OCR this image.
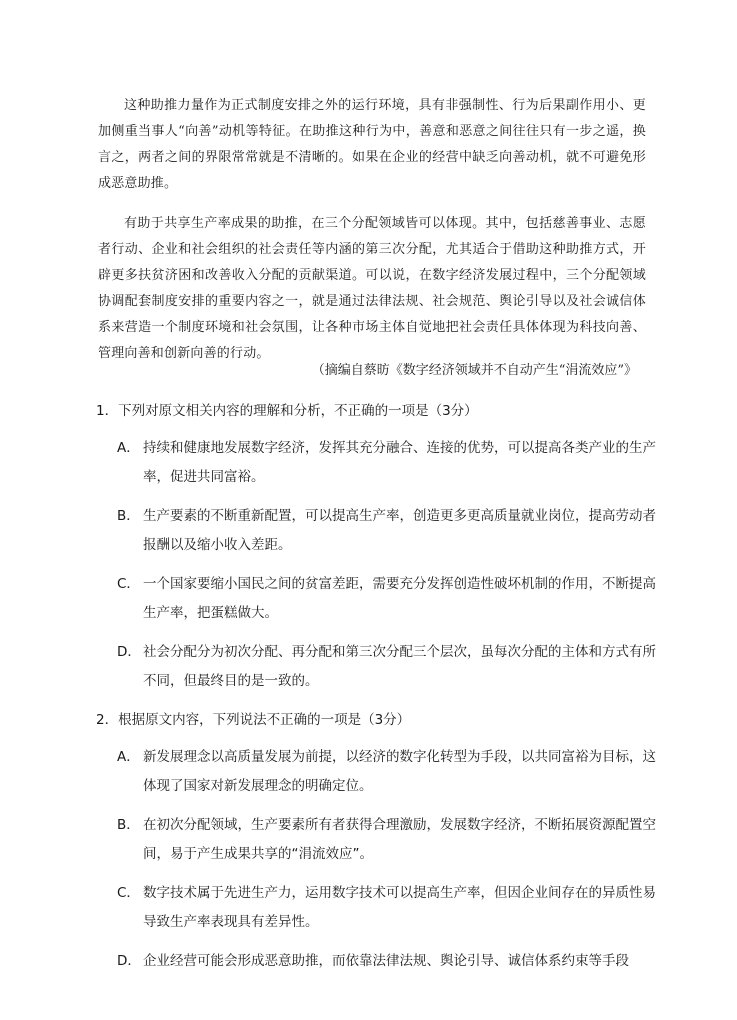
这种助推力量作为正式制度安排之外的运行环境，具有非强制性、行为后果副作用小、更加侧重当事人“向善”动机等特征。在助推这种行为中，善意和恶意之间往往只有一步之遥，换言之，两者之间的界限常常就是不清晰的。如果在企业的经营中缺乏向善动机，就不可避免形成恶意助推。

有助于共享生产率成果的助推，在三个分配领域皆可以体现。其中，包括慈善事业、志愿者行动、企业和社会组织的社会责任等内涵的第三次分配，尤其适合于借助这种助推方式，开辟更多扶贫济困和改善收入分配的贡献渠道。可以说，在数字经济发展过程中，三个分配领域协调配套制度安排的重要内容之一，就是通过法律法规、社会规范、舆论引导以及社会诚信体系来营造一个制度环境和社会氛围，让各种市场主体自觉地把社会责任具体体现为科技向善、管理向善和创新向善的行动。

（摘编自蔡昉《数字经济领域并不自动产生“涓流效应”》
1．下列对原文相关内容的理解和分析，不正确的一项是（3分）
A． 持续和健康地发展数字经济，发挥其充分融合、连接的优势，可以提高各类产业的生产率，促进共同富裕。
B． 生产要素的不断重新配置，可以提高生产率，创造更多更高质量就业岗位，提高劳动者报酬以及缩小收入差距。
C． 一个国家要缩小国民之间的贫富差距，需要充分发挥创造性破坏机制的作用，不断提高生产率，把蛋糕做大。
D． 社会分配分为初次分配、再分配和第三次分配三个层次，虽每次分配的主体和方式有所不同，但最终目的是一致的。
2．根据原文内容，下列说法不正确的一项是（3分）
A． 新发展理念以高质量发展为前提，以经济的数字化转型为手段，以共同富裕为目标，这体现了国家对新发展理念的明确定位。
B． 在初次分配领域，生产要素所有者获得合理激励，发展数字经济，不断拓展资源配置空间，易于产生成果共享的“涓流效应”。
C． 数字技术属于先进生产力，运用数字技术可以提高生产率，但因企业间存在的异质性易导致生产率表现具有差异性。
D． 企业经营可能会形成恶意助推，而依靠法律法规、舆论引导、诚信体系约束等手段
